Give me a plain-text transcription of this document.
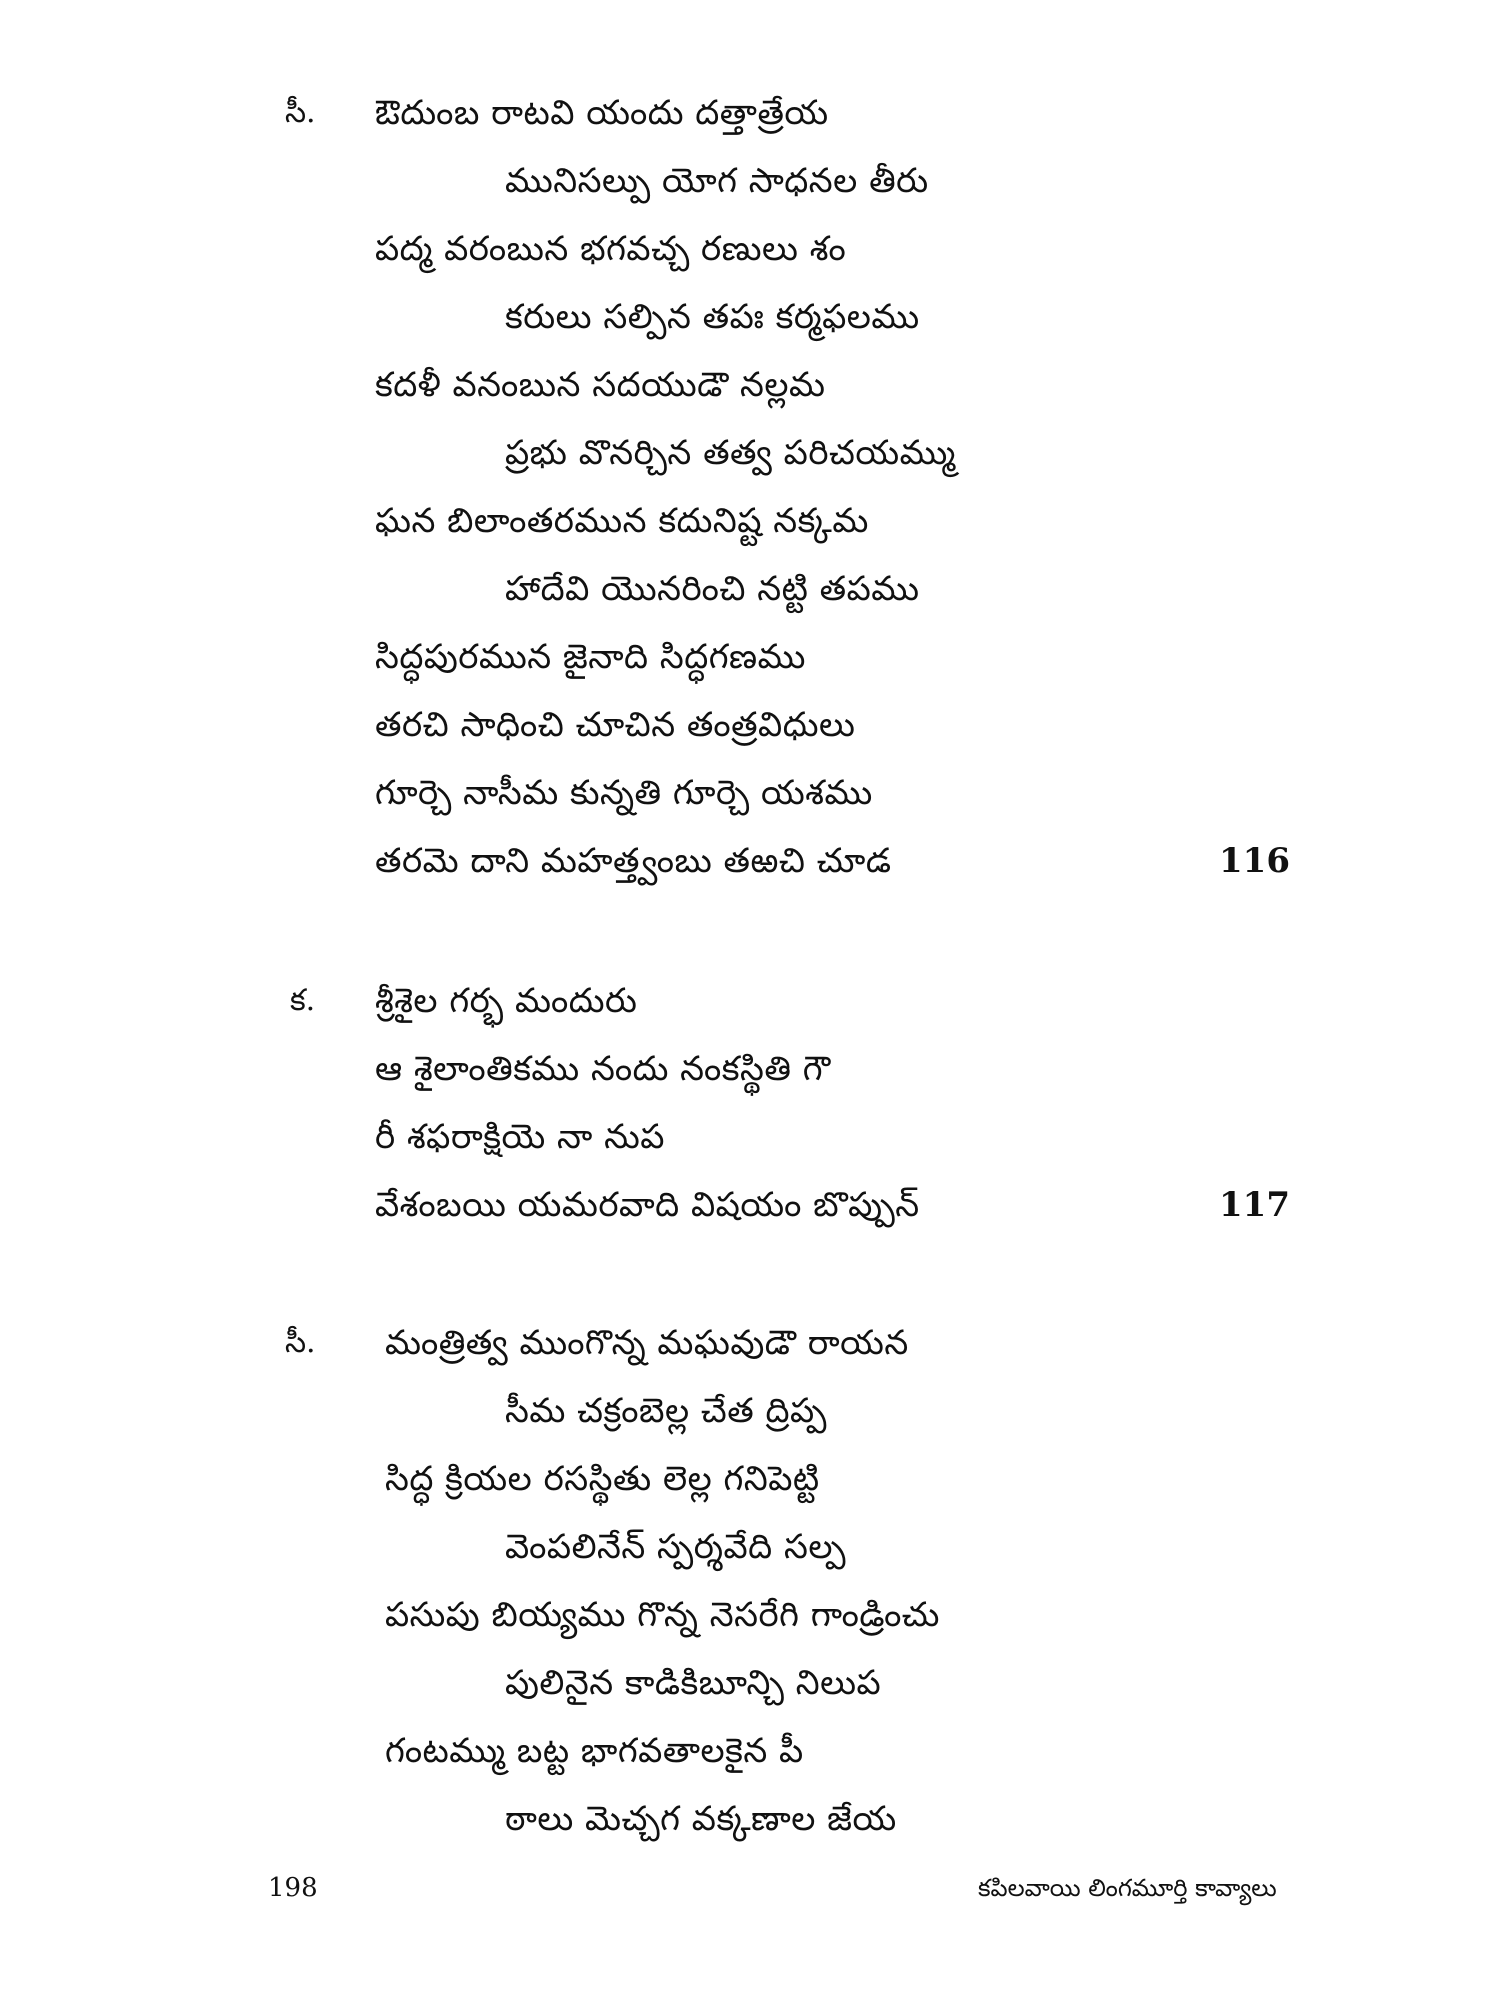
సీ. ఔదుంబ రాటవి యందు దత్తాత్రేయ
మునిసల్పు యోగ సాధనల తీరు
పద్మ వరంబున భగవచ్చ రణులు శం
కరులు సల్పిన తపః కర్మఫలము
కదళీ వనంబున సదయుడౌ నల్లమ
ప్రభు వొనర్చిన తత్వ పరిచయమ్ము
ఘన బిలాంతరమున కదునిష్ట నక్కమ
హాదేవి యొనరించి నట్టి తపము
సిద్ధపురమున జైనాది సిద్ధగణము
తరచి సాధించి చూచిన తంత్రవిధులు
గూర్చె నాసీమ కున్నతి గూర్చె యశము
తరమె దాని మహత్త్వంబు తఱచి చూడ	116
క. శ్రీశైల గర్భ మందురు
ఆ శైలాంతికము నందు నంకస్థితి గౌ
రీ శఫరాక్షియె నా నుప
వేశంబయి యమరవాది విషయం బొప్పున్	117
సీ. మంత్రిత్వ ముంగొన్న మఘవుడౌ రాయన
సీమ చక్రంబెల్ల చేత ద్రిప్ప
సిద్ధ క్రియల రసస్థితు లెల్ల గనిపెట్టి
వెంపలినేన్ స్పర్శవేది సల్ప
పసుపు బియ్యము గొన్న నెసరేగి గాండ్రించు
పులినైన కాడికిబూన్చి నిలుప
గంటమ్ము బట్ట భాగవతాలకైన పీ
ఠాలు మెచ్చగ వక్కణాల జేయ
198	కపిలవాయి లింగమూర్తి కావ్యాలు
